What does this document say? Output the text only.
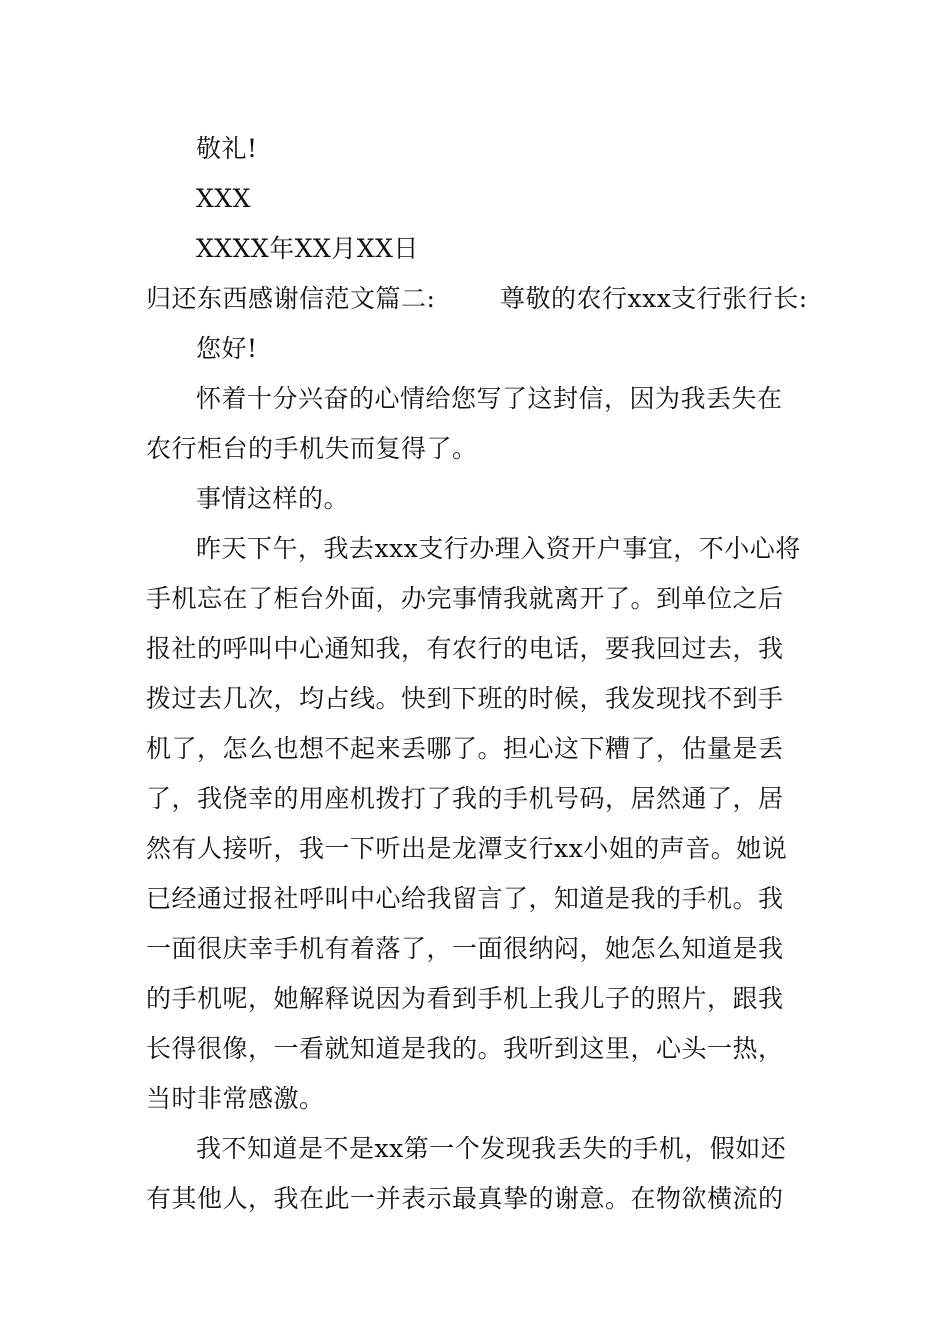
敬礼!
XXX
XXXX年XX月XX日
归还东西感谢信范文篇二:	尊敬的农行xxx支行张行长:
您好!
怀着十分兴奋的心情给您写了这封信，因为我丢失在
农行柜台的手机失而复得了。
事情这样的。
昨天下午，我去xxx支行办理入资开户事宜，不小心将
手机忘在了柜台外面，办完事情我就离开了。到单位之后
报社的呼叫中心通知我，有农行的电话，要我回过去，我
拨过去几次，均占线。快到下班的时候，我发现找不到手
机了，怎么也想不起来丢哪了。担心这下糟了，估量是丢
了，我侥幸的用座机拨打了我的手机号码，居然通了，居
然有人接听，我一下听出是龙潭支行xx小姐的声音。她说
已经通过报社呼叫中心给我留言了，知道是我的手机。我
一面很庆幸手机有着落了，一面很纳闷，她怎么知道是我
的手机呢，她解释说因为看到手机上我儿子的照片，跟我
长得很像，一看就知道是我的。我听到这里，心头一热，
当时非常感激。
我不知道是不是xx第一个发现我丢失的手机，假如还
有其他人，我在此一并表示最真挚的谢意。在物欲横流的
